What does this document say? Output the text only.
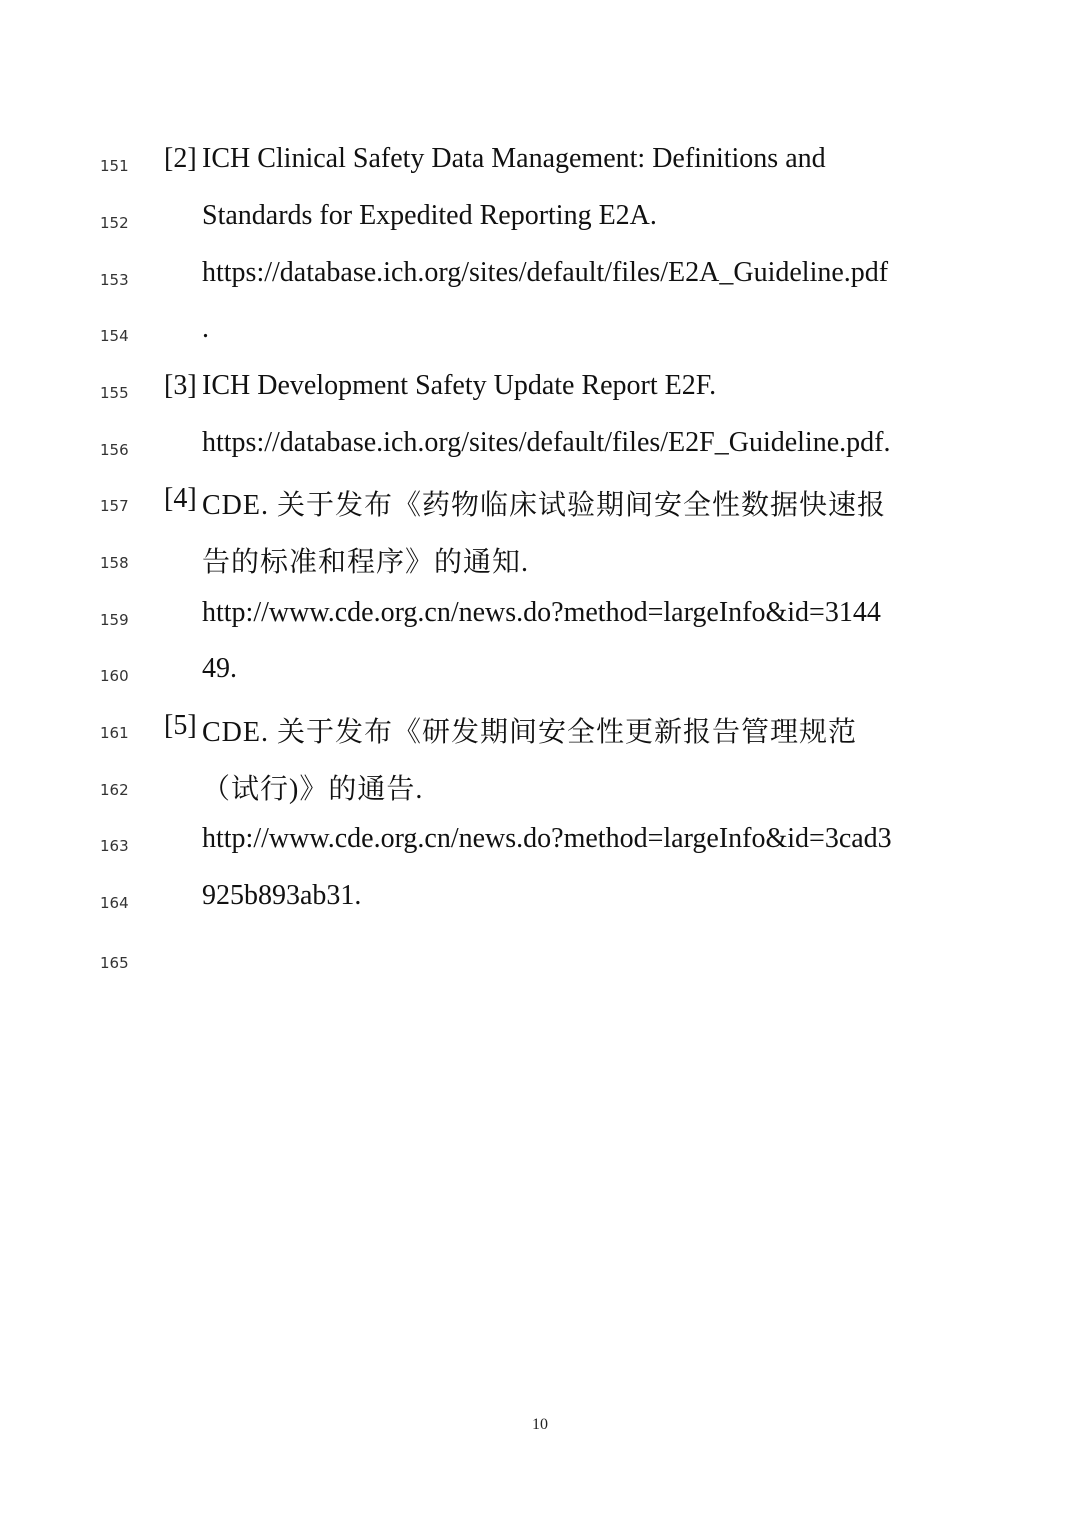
151 [2] ICH Clinical Safety Data Management: Definitions and
152	Standards for Expedited Reporting E2A.
153	https://database.ich.org/sites/default/files/E2A_Guideline.pdf
154	.
155 [3] ICH Development Safety Update Report E2F.
156	https://database.ich.org/sites/default/files/E2F_Guideline.pdf.
157 [4] CDE. 关于发布《药物临床试验期间安全性数据快速报
158	告的标准和程序》的通知.
159	http://www.cde.org.cn/news.do?method=largeInfo&id=3144
160	49.
161 [5] CDE. 关于发布《研发期间安全性更新报告管理规范
162	（试行)》的通告.
163	http://www.cde.org.cn/news.do?method=largeInfo&id=3cad3
164	925b893ab31.
165
10
